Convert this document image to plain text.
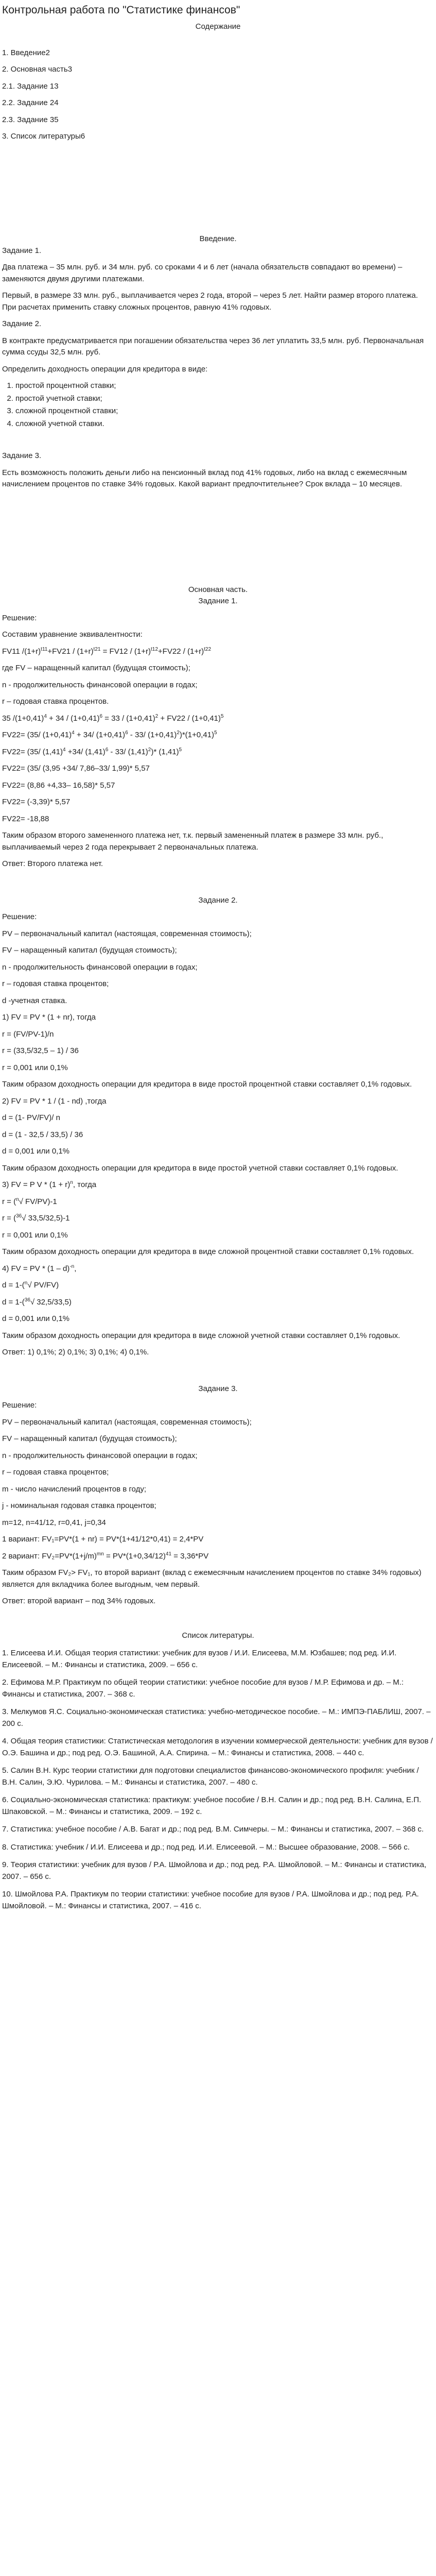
Контрольная работа по "Статистике финансов"

Содержание

1. Введение2

2. Основная часть3

2.1. Задание 13

2.2. Задание 24

2.3. Задание 35

3. Список литературы6

Введение.

Задание 1.

Два платежа – 35 млн. руб. и 34 млн. руб. со сроками 4 и 6 лет (начала обязательств совпадают во времени) – заменяются двумя другими платежами.

Первый, в размере 33 млн. руб., выплачивается через 2 года, второй – через 5 лет. Найти размер второго платежа. При расчетах применить ставку сложных процентов, равную 41% годовых.

Задание 2.

В контракте предусматривается при погашении обязательства через 36 лет уплатить 33,5 млн. руб. Первоначальная сумма ссуды 32,5 млн. руб.

Определить доходность операции для кредитора в виде:

1. простой процентной ставки;
2. простой учетной ставки;
3. сложной процентной ставки;
4. сложной учетной ставки.

Задание 3.

Есть возможность положить деньги либо на пенсионный вклад под 41% годовых, либо на вклад с ежемесячным начислением процентов по ставке 34% годовых. Какой вариант предпочтительнее? Срок вклада – 10 месяцев.

Основная часть.

Задание 1.

Решение:

Составим уравнение эквивалентности:

FV11 $/(1+r)^{t11}+FV21 / (1+r)^{t21} = FV12 / (1+r)^{t12}+FV22 / (1+r)^{t22}$

где FV – наращенный капитал (будущая стоимость);

n - продолжительность финансовой операции в годах;

r – годовая ставка процентов.

35 $/(1+0,41)^4 + 34 / (1+0,41)^6 = 33 / (1+0,41)^2 + FV22 / (1+0,41)^5$

FV22= (35/ $(1+0,41)^4 + 34/$ $(1+0,41)^6 - 33/$ $(1+0,41)^2)*(1+0,41)^5$

FV22= (35/ $(1,41)^4 +34/$ $(1,41)^6 - 33/$ $(1,41)^2)*$ $(1,41)^5$

FV22= (35/ (3,95 +34/ 7,86–33/ 1,99)* 5,57

FV22= (8,86 +4,33– 16,58)* 5,57

FV22= (-3,39)* 5,57

FV22= -18,88

Таким образом второго замененного платежа нет, т.к. первый замененный платеж в размере 33 млн. руб., выплачиваемый через 2 года перекрывает 2 первоначальных платежа.

Ответ: Второго платежа нет.

Задание 2.

Решение:

PV – первоначальный капитал (настоящая, современная стоимость);

FV – наращенный капитал (будущая стоимость);

n - продолжительность финансовой операции в годах;

r – годовая ставка процентов;

d -учетная ставка.

1) FV = PV * (1 + nr), тогда

r = (FV/PV-1)/n

r = (33,5/32,5 – 1) / 36

r = 0,001 или 0,1%

Таким образом доходность операции для кредитора в виде простой процентной ставки составляет 0,1% годовых.

2) FV = PV * 1 / (1 - nd) ,тогда

d = (1- PV/FV)/ n

d = (1 - 32,5 / 33,5) / 36

d = 0,001 или 0,1%

Таким образом доходность операции для кредитора в виде простой учетной ставки составляет 0,1% годовых.

3) FV = P $V * (1 + r)^n$, тогда

r = ($^n$√ FV/PV)-1

r = ($^{36}$√ 33,5/32,5)-1

r = 0,001 или 0,1%

Таким образом доходность операции для кредитора в виде сложной процентной ставки составляет 0,1% годовых.

4) FV = PV * (1 – d)$^{-n}$,

d = 1-($^n$√ PV/FV)

d = 1-($^{36}$√ 32,5/33,5)

d = 0,001 или 0,1%

Таким образом доходность операции для кредитора в виде сложной учетной ставки составляет 0,1% годовых.

Ответ: 1) 0,1%; 2) 0,1%; 3) 0,1%; 4) 0,1%.

Задание 3.

Решение:

PV – первоначальный капитал (настоящая, современная стоимость);

FV – наращенный капитал (будущая стоимость);

n - продолжительность финансовой операции в годах;

r – годовая ставка процентов;

m - число начислений процентов в году;

j - номинальная годовая ставка процентов;

m=12, n=41/12, r=0,41, j=0,34

1 вариант: FV₁=PV*(1 + nr) = PV*(1+41/12*0,41) = 2,4*PV

2 вариант: $FV_2=PV*(1+j/m)^{mn} = PV*(1+0,34/12)^{41} = 3,36*PV$

Таким образом FV₂> FV₁, то второй вариант (вклад с ежемесячным начислением процентов по ставке 34% годовых) является для вкладчика более выгодным, чем первый.

Ответ: второй вариант – под 34% годовых.

Список литературы.

1. Елисеева И.И. Общая теория статистики: учебник для вузов / И.И. Елисеева, М.М. Юзбашев; под ред. И.И. Елисеевой. – М.: Финансы и статистика, 2009. – 656 с.

2. Ефимова М.Р. Практикум по общей теории статистики: учебное пособие для вузов / М.Р. Ефимова и др. – М.: Финансы и статистика, 2007. – 368 с.

3. Мелкумов Я.С. Социально-экономическая статистика: учебно-методическое пособие. – М.: ИМПЭ-ПАБЛИШ, 2007. – 200 с.

4. Общая теория статистики: Статистическая методология в изучении коммерческой деятельности: учебник для вузов / О.Э. Башина и др.; под ред. О.Э. Башиной, А.А. Спирина. – М.: Финансы и статистика, 2008. – 440 с.

5. Салин В.Н. Курс теории статистики для подготовки специалистов финансово-экономического профиля: учебник / В.Н. Салин, Э.Ю. Чурилова. – М.: Финансы и статистика, 2007. – 480 с.

6. Социально-экономическая статистика: практикум: учебное пособие / В.Н. Салин и др.; под ред. В.Н. Салина, Е.П. Шпаковской. – М.: Финансы и статистика, 2009. – 192 с.

7. Статистика: учебное пособие / А.В. Багат и др.; под ред. В.М. Симчеры. – М.: Финансы и статистика, 2007. – 368 с.

8. Статистика: учебник / И.И. Елисеева и др.; под ред. И.И. Елисеевой. – М.: Высшее образование, 2008. – 566 с.

9. Теория статистики: учебник для вузов / Р.А. Шмойлова и др.; под ред. Р.А. Шмойловой. – М.: Финансы и статистика, 2007. – 656 с.

10. Шмойлова Р.А. Практикум по теории статистики: учебное пособие для вузов / Р.А. Шмойлова и др.; под ред. Р.А. Шмойловой. – М.: Финансы и статистика, 2007. – 416 с.
